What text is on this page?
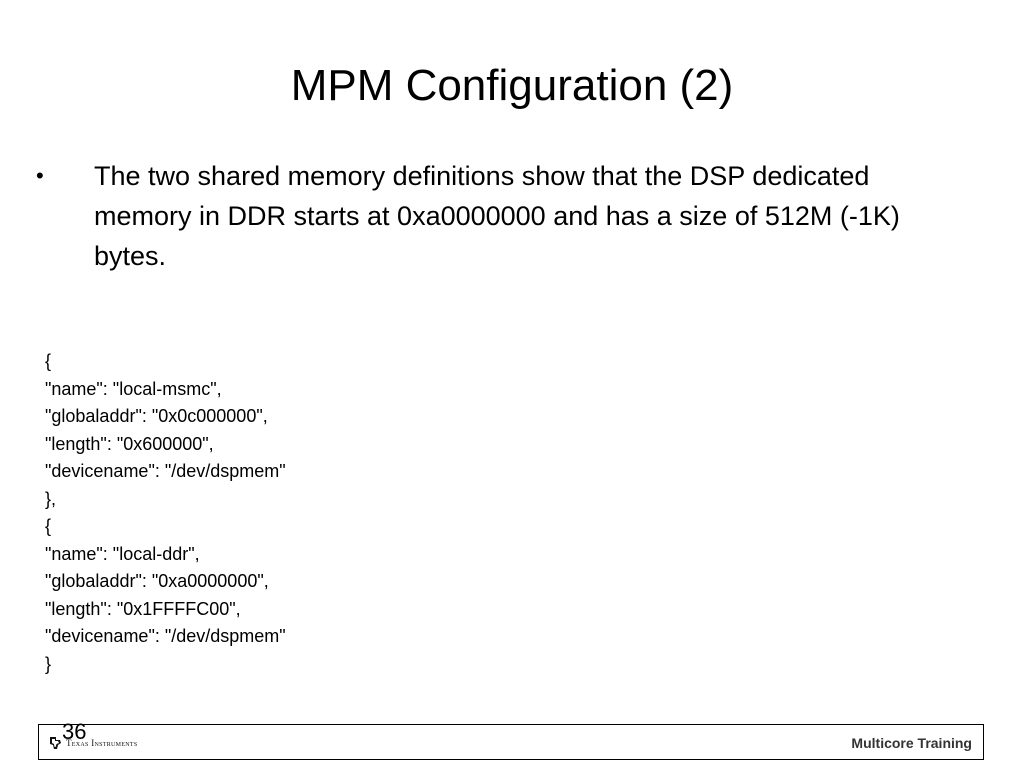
MPM Configuration (2)
•	The two shared memory definitions show that the DSP dedicated memory in DDR starts at 0xa0000000 and has a size of 512M (-1K) bytes.
{
"name": "local-msmc",
"globaladdr": "0x0c000000",
"length": "0x600000",
"devicename": "/dev/dspmem"
},
{
"name": "local-ddr",
"globaladdr": "0xa0000000",
"length": "0x1FFFFC00",
"devicename": "/dev/dspmem"
}
Texas Instruments
36	Multicore Training
